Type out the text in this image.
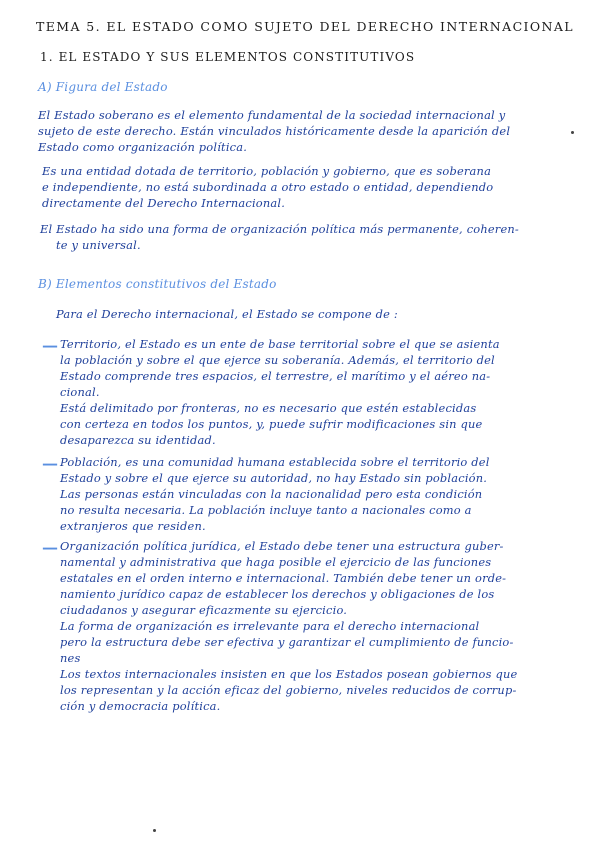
TEMA 5. EL ESTADO COMO SUJETO DEL DERECHO INTERNACIONAL
1. EL ESTADO Y SUS ELEMENTOS CONSTITUTIVOS
A) Figura del Estado
El Estado soberano es el elemento fundamental de la sociedad internacional y
sujeto de este derecho. Están vinculados históricamente desde la aparición del
Estado como organización política.
Es una entidad dotada de territorio, población y gobierno, que es soberana
e independiente, no está subordinada a otro estado o entidad, dependiendo
directamente del Derecho Internacional.
El Estado ha sido una forma de organización política más permanente, coheren-
te y universal.
B) Elementos constitutivos del Estado
Para el Derecho internacional, el Estado se compone de :
— Territorio, el Estado es un ente de base territorial sobre el que se asienta
la población y sobre el que ejerce su soberanía. Además, el territorio del
Estado comprende tres espacios, el terrestre, el marítimo y el aéreo na-
cional.
Está delimitado por fronteras, no es necesario que estén establecidas
con certeza en todos los puntos, y, puede sufrir modificaciones sin que
desaparezca su identidad.
— Población, es una comunidad humana establecida sobre el territorio del
Estado y sobre el que ejerce su autoridad, no hay Estado sin población.
Las personas están vinculadas con la nacionalidad pero esta condición
no resulta necesaria. La población incluye tanto a nacionales como a
extranjeros que residen.
— Organización política jurídica, el Estado debe tener una estructura guber-
namental y administrativa que haga posible el ejercicio de las funciones
estatales en el orden interno e internacional. También debe tener un orde-
namiento jurídico capaz de establecer los derechos y obligaciones de los
ciudadanos y asegurar eficazmente su ejercicio.
La forma de organización es irrelevante para el derecho internacional
pero la estructura debe ser efectiva y garantizar el cumplimiento de funcio-
nes
Los textos internacionales insisten en que los Estados posean gobiernos que
los representan y la acción eficaz del gobierno, niveles reducidos de corrup-
ción y democracia política.
